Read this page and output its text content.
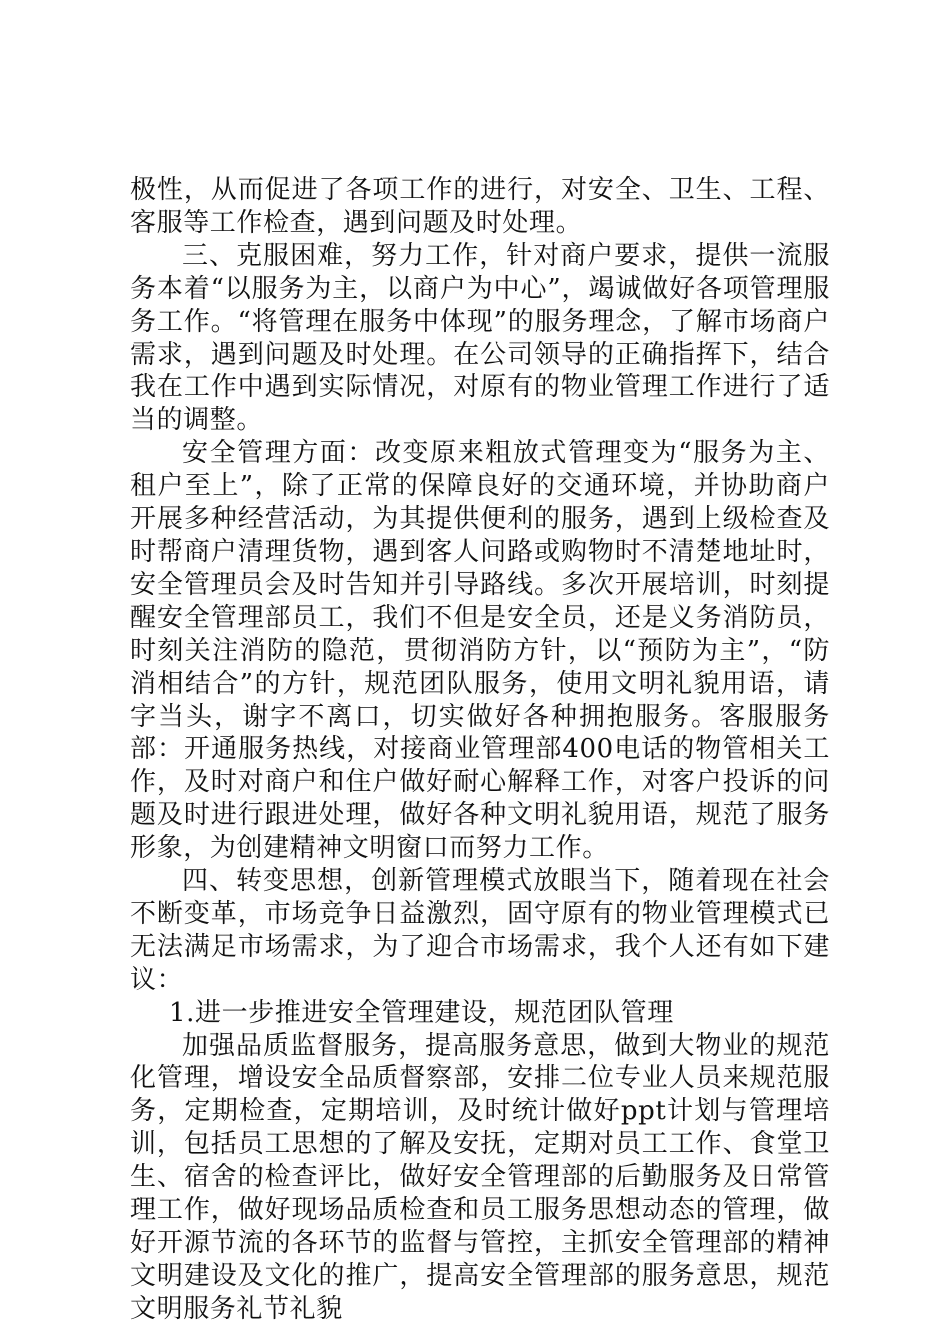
极性，从而促进了各项工作的进行，对安全、卫生、工程、客服等工作检查，遇到问题及时处理。

三、克服困难，努力工作，针对商户要求，提供一流服务本着“以服务为主，以商户为中心”，竭诚做好各项管理服务工作。“将管理在服务中体现”的服务理念，了解市场商户需求，遇到问题及时处理。在公司领导的正确指挥下，结合我在工作中遇到实际情况，对原有的物业管理工作进行了适当的调整。

安全管理方面：改变原来粗放式管理变为“服务为主、租户至上”，除了正常的保障良好的交通环境，并协助商户开展多种经营活动，为其提供便利的服务，遇到上级检查及时帮商户清理货物，遇到客人问路或购物时不清楚地址时，安全管理员会及时告知并引导路线。多次开展培训，时刻提醒安全管理部员工，我们不但是安全员，还是义务消防员，时刻关注消防的隐范，贯彻消防方针，以“预防为主”，“防消相结合”的方针，规范团队服务，使用文明礼貌用语，请字当头，谢字不离口，切实做好各种拥抱服务。客服服务部：开通服务热线，对接商业管理部400电话的物管相关工作，及时对商户和住户做好耐心解释工作，对客户投诉的问题及时进行跟进处理，做好各种文明礼貌用语，规范了服务形象，为创建精神文明窗口而努力工作。

四、转变思想，创新管理模式放眼当下，随着现在社会不断变革，市场竞争日益激烈，固守原有的物业管理模式已无法满足市场需求，为了迎合市场需求，我个人还有如下建议：

1.进一步推进安全管理建设，规范团队管理

加强品质监督服务，提高服务意思，做到大物业的规范化管理，增设安全品质督察部，安排二位专业人员来规范服务，定期检查，定期培训，及时统计做好ppt计划与管理培训，包括员工思想的了解及安抚，定期对员工工作、食堂卫生、宿舍的检查评比，做好安全管理部的后勤服务及日常管理工作，做好现场品质检查和员工服务思想动态的管理，做好开源节流的各环节的监督与管控，主抓安全管理部的精神文明建设及文化的推广，提高安全管理部的服务意思，规范文明服务礼节礼貌
